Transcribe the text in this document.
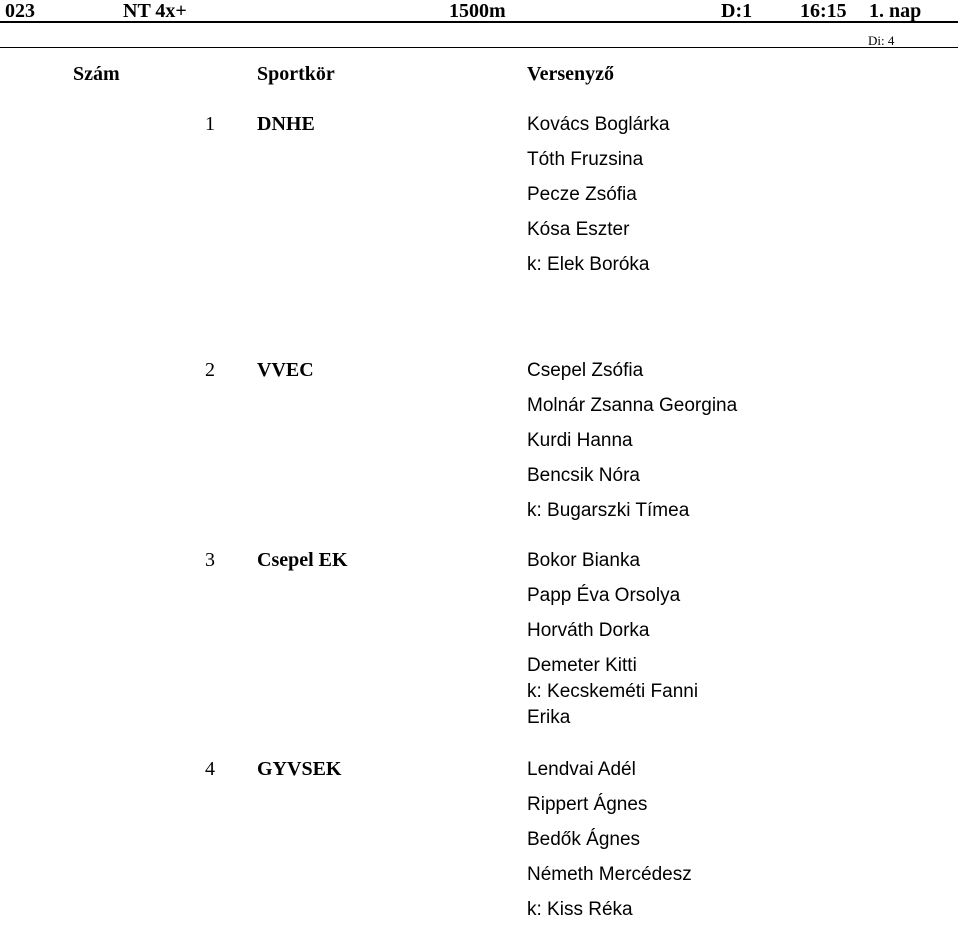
023	NT 4x+	1500m	D:1 16:15 1. nap
Di: 4
Szám	Sportkör	Versenyző
1 DNHE	Kovács Boglárka
Tóth Fruzsina
Pecze Zsófia
Kósa Eszter
k: Elek Boróka
2 VVEC	Csepel Zsófia
Molnár Zsanna Georgina
Kurdi Hanna
Bencsik Nóra
k: Bugarszki Tímea
3 Csepel EK	Bokor Bianka
Papp Éva Orsolya
Horváth Dorka
Demeter Kitti
k: Kecskeméti Fanni
Erika
4 GYVSEK	Lendvai Adél
Rippert Ágnes
Bedők Ágnes
Németh Mercédesz
k: Kiss Réka
